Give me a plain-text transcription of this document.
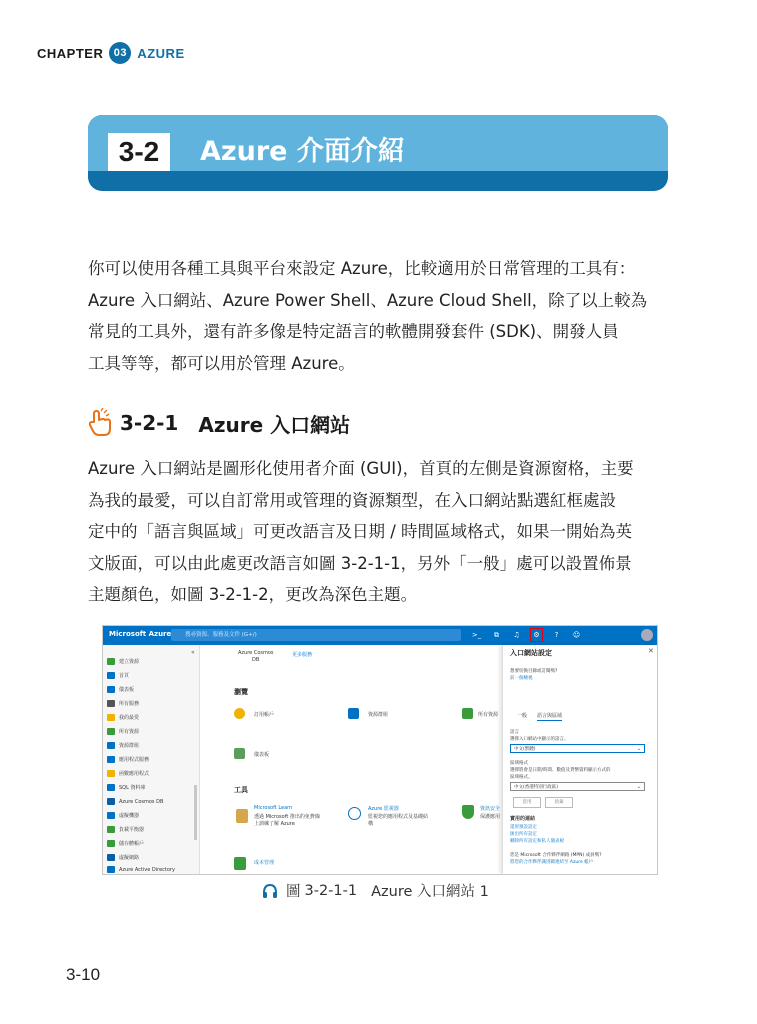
CHAPTER 03 AZURE
3-2	Azure 介面介紹
你可以使用各種工具與平台來設定 Azure，比較適用於日常管理的工具有：
Azure 入口網站、Azure Power Shell、Azure Cloud Shell，除了以上較為
常見的工具外，還有許多像是特定語言的軟體開發套件 (SDK)、開發人員
工具等等，都可以用於管理 Azure。
3-2-1 Azure 入口網站
Azure 入口網站是圖形化使用者介面 (GUI)，首頁的左側是資源窗格，主要
為我的最愛，可以自訂常用或管理的資源類型，在入口網站點選紅框處設
定中的「語言與區域」可更改語言及日期 / 時間區域格式，如果一開始為英
文版面，可以由此處更改語言如圖 3-2-1-1，另外「一般」處可以設置佈景
主題顏色，如圖 3-2-1-2，更改為深色主題。
Microsoft Azure	搜尋資源、服務及文件 (G+/)	>_	⧉	♫	⚙	?	☺
«
建立資源
首頁
儀表板
所有服務
我的最愛
所有資源
資源群組
應用程式服務
函數應用程式
SQL 資料庫
Azure Cosmos DB
虛擬機器
負載平衡器
儲存體帳戶
虛擬網路
Azure Active Directory
Azure Cosmos
DB
更多服務
瀏覽
訂用帳戶	資源群組	所有資源
儀表板
工具
Microsoft Learn
透過 Microsoft 推出的免費線
上訓練了解 Azure
Azure 監視器
監視您的應用程式及基礎結
構
資訊安全
保護應用
成本管理
入口網站設定	✕
想要切換目錄或訂閱嗎?
前一個檢視
一般 語言與區域
語言
選擇入口網站中顯示的語言。
中文(繁體)	⌄
區域格式
選擇將會是日期/時間、數值及貨幣資料顯示方式的
區域格式。
中文(香港特別行政區)	⌄
套用	捨棄
實用的連結
還原預設設定
匯出所有設定
刪除所有設定和私人儀表板
您是 Microsoft 合作夥伴網路 (MPN) 成員嗎?
將您的合作夥伴識別碼連結至 Azure 帳戶
圖 3-2-1-1 Azure 入口網站 1
3-10
